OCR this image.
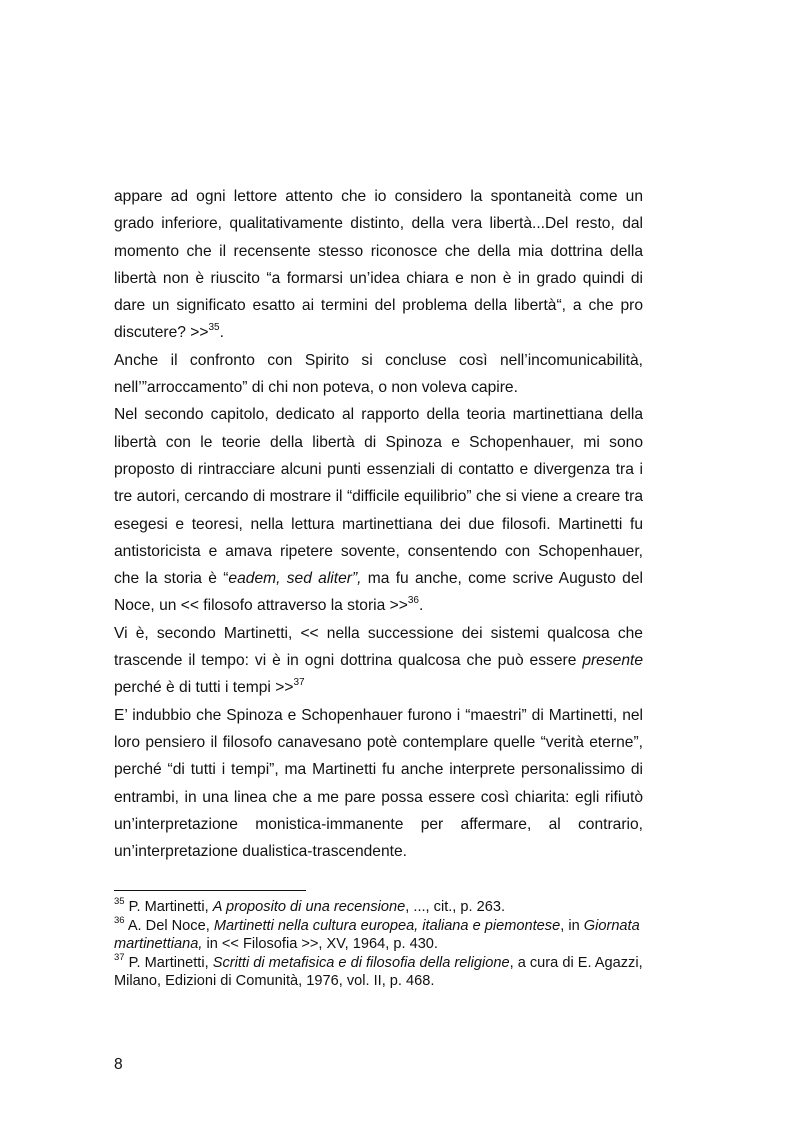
appare ad ogni lettore attento che io considero la spontaneità come un grado inferiore, qualitativamente distinto, della vera libertà...Del resto, dal momento che il recensente stesso riconosce che della mia dottrina della libertà non è riuscito “a formarsi un’idea chiara e non è in grado quindi di dare un significato esatto ai termini del problema della libertà“, a che pro discutere? >>$^{35}$.

Anche il confronto con Spirito si concluse così nell’incomunicabilità, nell’”arroccamento” di chi non poteva, o non voleva capire.

Nel secondo capitolo, dedicato al rapporto della teoria martinettiana della libertà con le teorie della libertà di Spinoza e Schopenhauer, mi sono proposto di rintracciare alcuni punti essenziali di contatto e divergenza tra i tre autori, cercando di mostrare il “difficile equilibrio” che si viene a creare tra esegesi e teoresi, nella lettura martinettiana dei due filosofi. Martinetti fu antistoricista e amava ripetere sovente, consentendo con Schopenhauer, che la storia è “eadem, sed aliter”, ma fu anche, come scrive Augusto del Noce, un << filosofo attraverso la storia >>$^{36}$.

Vi è, secondo Martinetti, << nella successione dei sistemi qualcosa che trascende il tempo: vi è in ogni dottrina qualcosa che può essere presente perché è di tutti i tempi >>$^{37}$

E’ indubbio che Spinoza e Schopenhauer furono i “maestri” di Martinetti, nel loro pensiero il filosofo canavesano potè contemplare quelle “verità eterne”, perché “di tutti i tempi”, ma Martinetti fu anche interprete personalissimo di entrambi, in una linea che a me pare possa essere così chiarita: egli rifiutò un’interpretazione monistica-immanente per affermare, al contrario, un’interpretazione dualistica-trascendente.

$^{35}$ P. Martinetti, A proposito di una recensione, ..., cit., p. 263.

$^{36}$ A. Del Noce, Martinetti nella cultura europea, italiana e piemontese, in Giornata martinettiana, in << Filosofia >>, XV, 1964, p. 430.

$^{37}$ P. Martinetti, Scritti di metafisica e di filosofia della religione, a cura di E. Agazzi, Milano, Edizioni di Comunità, 1976, vol. II, p. 468.

8
